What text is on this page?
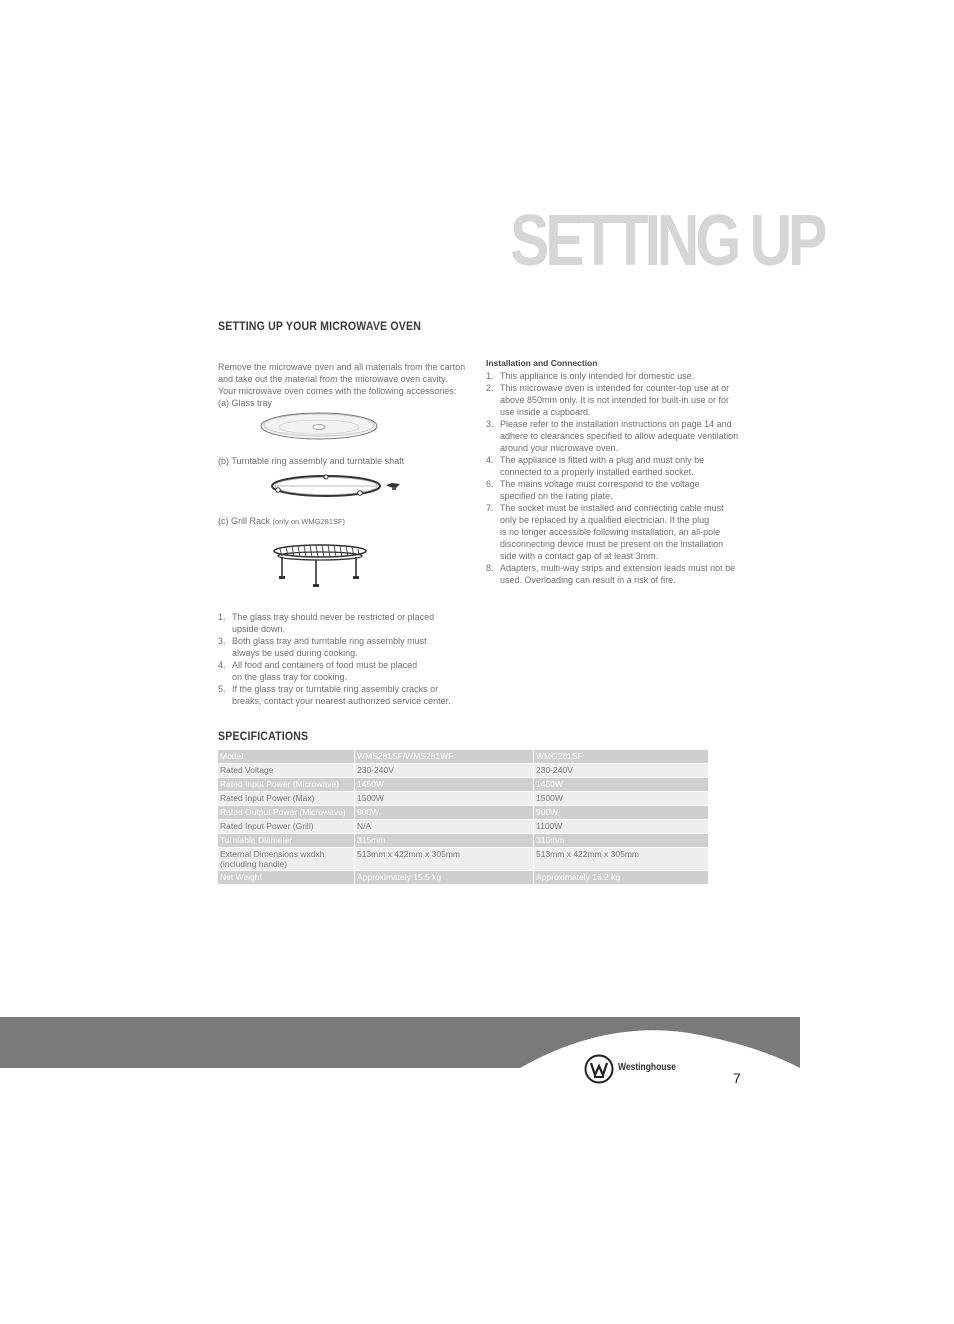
SETTING UP
SETTING UP YOUR MICROWAVE OVEN

Remove the microwave oven and all materials from the carton

and take out the material from the microwave oven cavity.

Your microwave oven comes with the following accessories:

(a) Glass tray

(b) Turntable ring assembly and turntable shaft
(c) Grill Rack (only on WMG281SF)
1. The glass tray should never be restricted or placed
upside down.
3. Both glass tray and turntable ring assembly must
always be used during cooking.
4. All food and containers of food must be placed
on the glass tray for cooking.
5. If the glass tray or turntable ring assembly cracks or
breaks, contact your nearest authorized service center.
Installation and Connection
1. This appliance is only intended for domestic use.
2. This microwave oven is intended for counter-top use at or
above 850mm only. It is not intended for built-in use or for
use inside a cupboard.
3. Please refer to the installation instructions on page 14 and
adhere to clearances specified to allow adequate ventilation
around your microwave oven.
4. The appliance is fitted with a plug and must only be
connected to a properly installed earthed socket.
6. The mains voltage must correspond to the voltage
specified on the rating plate.
7. The socket must be installed and connecting cable must
only be replaced by a qualified electrician. If the plug
is no longer accessible following installation, an all-pole
disconnecting device must be present on the installation
side with a contact gap of at least 3mm.
8. Adapters, multi-way strips and extension leads must not be
used. Overloading can result in a risk of fire.
SPECIFICATIONS
Model	WMS281SF/WMS281WF	WMG281SF
Rated Voltage	230-240V	230-240V
Rated Input Power (Microwave)	1450W	1450W
Rated Input Power (Max)	1500W	1500W
Rated Output Power (Microwave)	900W	900W
Rated Input Power (Grill)	N/A	1100W
Turntable Diameter	315mm	315mm
External Dimensions wxdxh
(including handle)	513mm x 422mm x 305mm	513mm x 422mm x 305mm
Net Weight	Approximately 15.5 kg	Approximately 16.2 kg
Westinghouse
7
